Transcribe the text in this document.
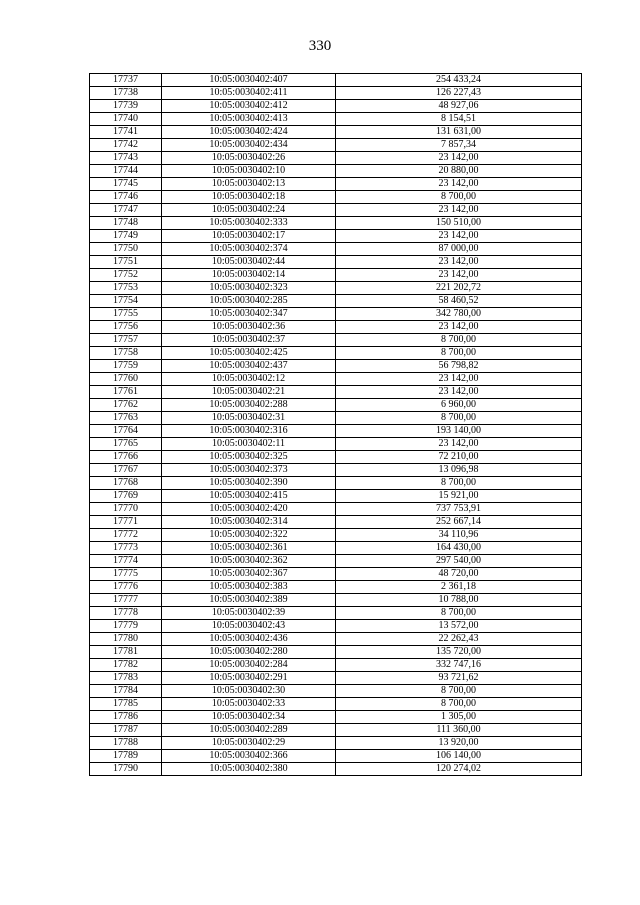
330
17737	10:05:0030402:407	254 433,24
17738	10:05:0030402:411	126 227,43
17739	10:05:0030402:412	48 927,06
17740	10:05:0030402:413	8 154,51
17741	10:05:0030402:424	131 631,00
17742	10:05:0030402:434	7 857,34
17743	10:05:0030402:26	23 142,00
17744	10:05:0030402:10	20 880,00
17745	10:05:0030402:13	23 142,00
17746	10:05:0030402:18	8 700,00
17747	10:05:0030402:24	23 142,00
17748	10:05:0030402:333	150 510,00
17749	10:05:0030402:17	23 142,00
17750	10:05:0030402:374	87 000,00
17751	10:05:0030402:44	23 142,00
17752	10:05:0030402:14	23 142,00
17753	10:05:0030402:323	221 202,72
17754	10:05:0030402:285	58 460,52
17755	10:05:0030402:347	342 780,00
17756	10:05:0030402:36	23 142,00
17757	10:05:0030402:37	8 700,00
17758	10:05:0030402:425	8 700,00
17759	10:05:0030402:437	56 798,82
17760	10:05:0030402:12	23 142,00
17761	10:05:0030402:21	23 142,00
17762	10:05:0030402:288	6 960,00
17763	10:05:0030402:31	8 700,00
17764	10:05:0030402:316	193 140,00
17765	10:05:0030402:11	23 142,00
17766	10:05:0030402:325	72 210,00
17767	10:05:0030402:373	13 096,98
17768	10:05:0030402:390	8 700,00
17769	10:05:0030402:415	15 921,00
17770	10:05:0030402:420	737 753,91
17771	10:05:0030402:314	252 667,14
17772	10:05:0030402:322	34 110,96
17773	10:05:0030402:361	164 430,00
17774	10:05:0030402:362	297 540,00
17775	10:05:0030402:367	48 720,00
17776	10:05:0030402:383	2 361,18
17777	10:05:0030402:389	10 788,00
17778	10:05:0030402:39	8 700,00
17779	10:05:0030402:43	13 572,00
17780	10:05:0030402:436	22 262,43
17781	10:05:0030402:280	135 720,00
17782	10:05:0030402:284	332 747,16
17783	10:05:0030402:291	93 721,62
17784	10:05:0030402:30	8 700,00
17785	10:05:0030402:33	8 700,00
17786	10:05:0030402:34	1 305,00
17787	10:05:0030402:289	111 360,00
17788	10:05:0030402:29	13 920,00
17789	10:05:0030402:366	106 140,00
17790	10:05:0030402:380	120 274,02
